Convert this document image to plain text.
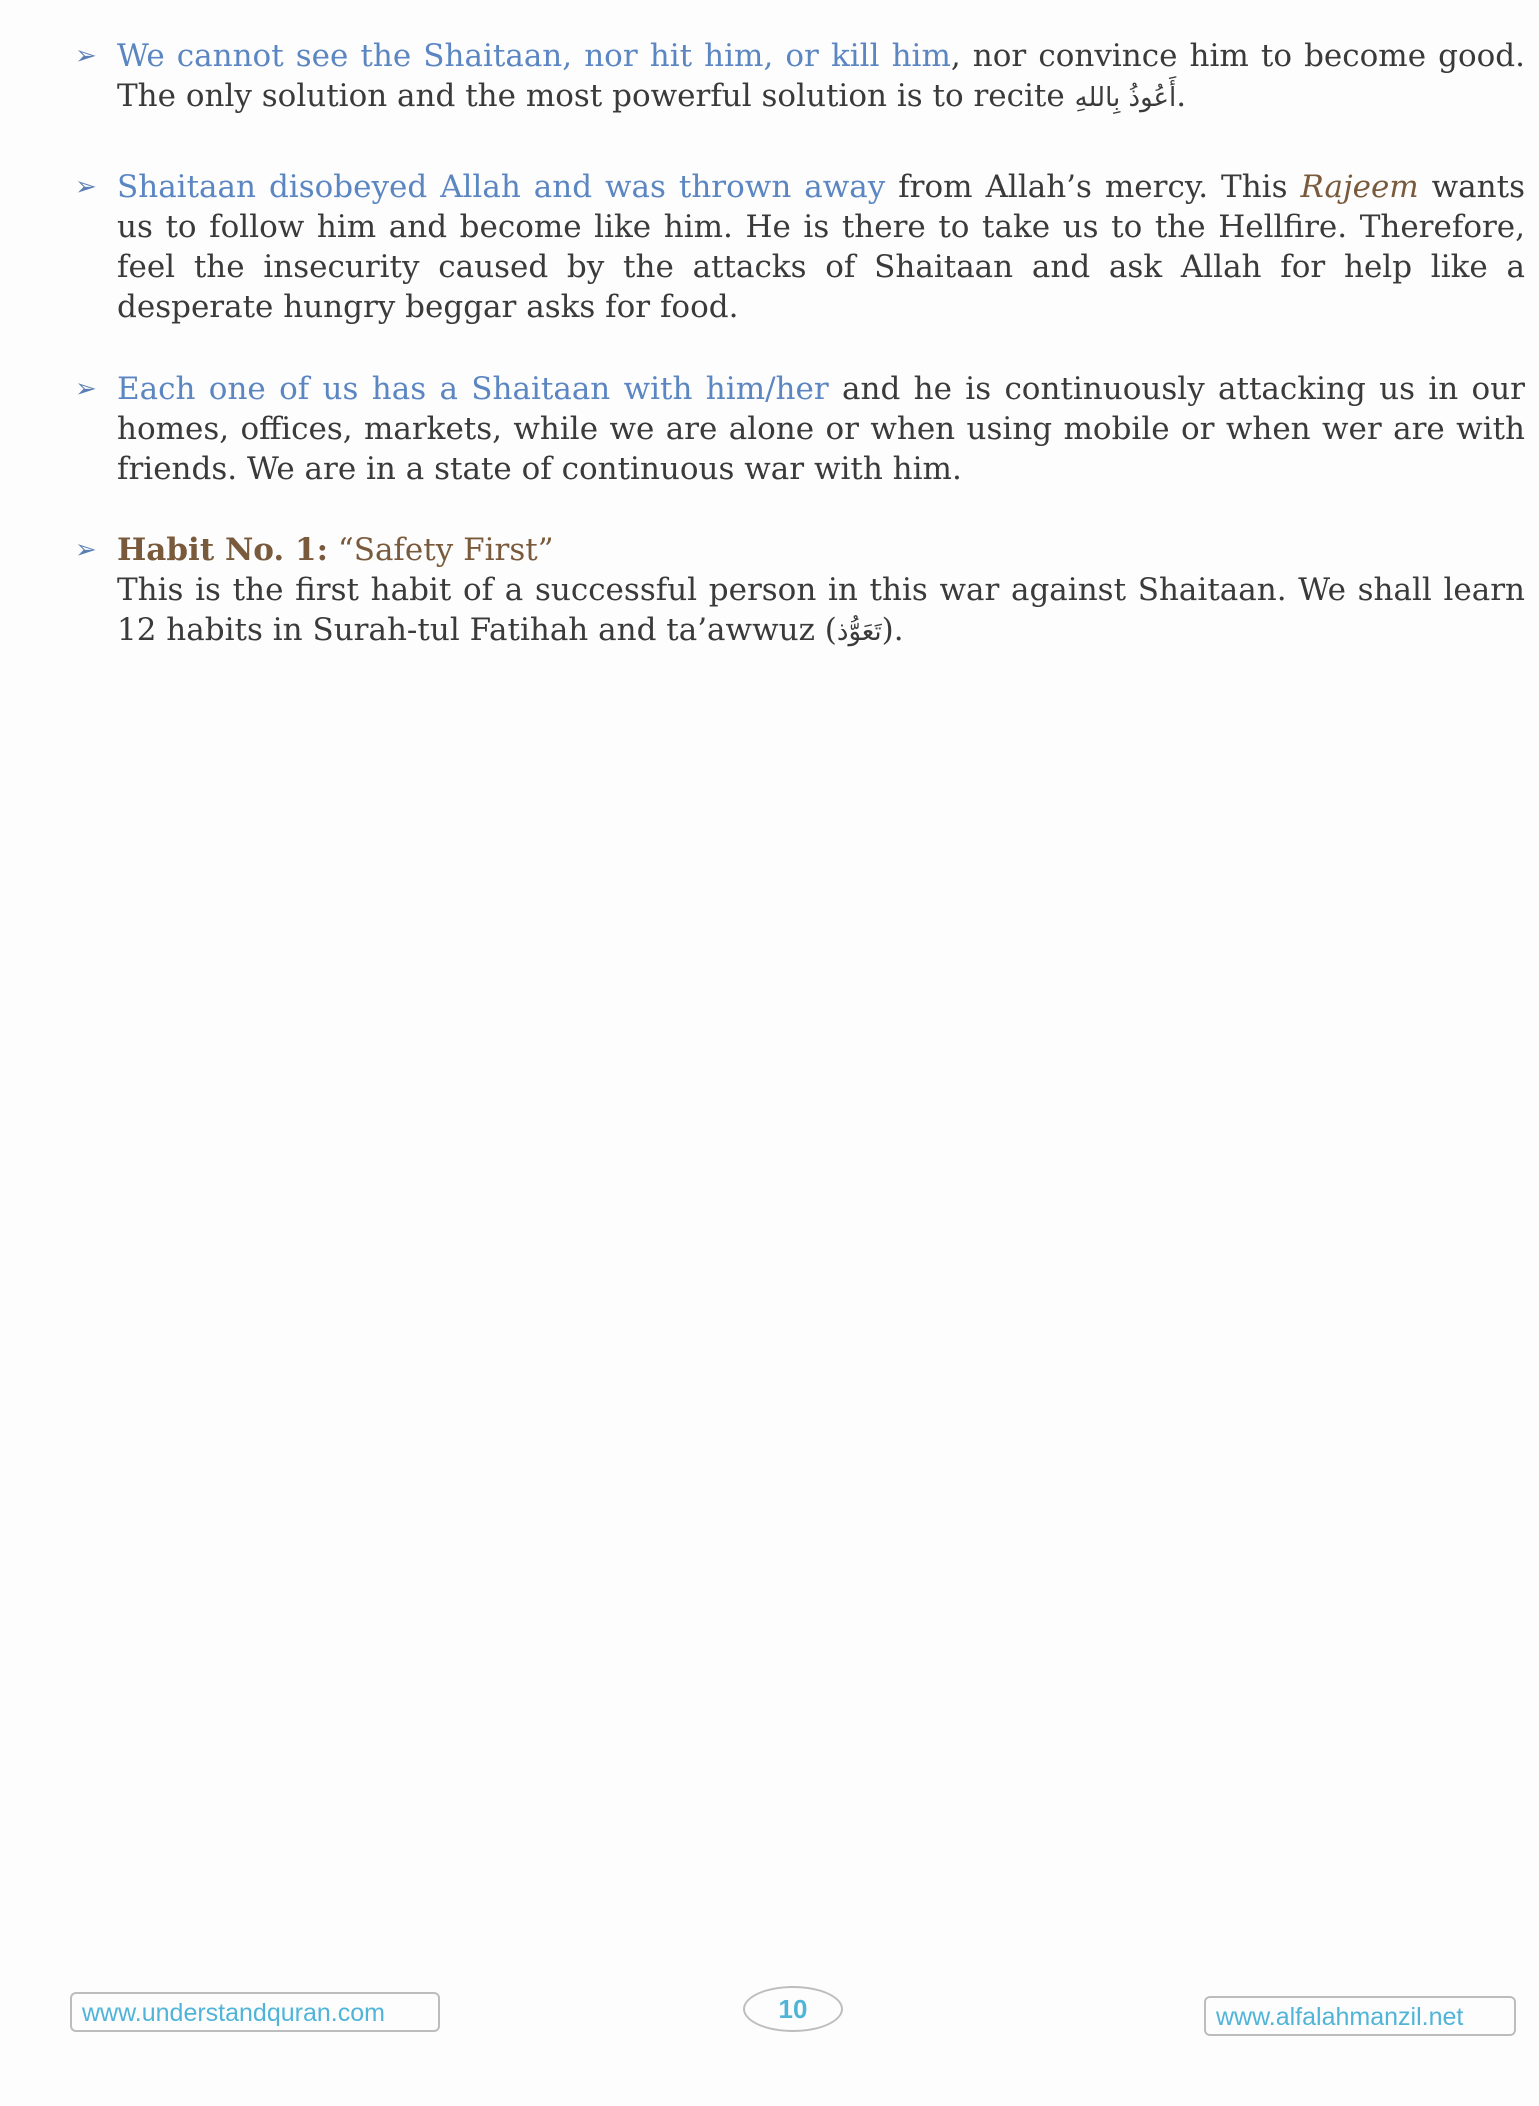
➢ We cannot see the Shaitaan, nor hit him, or kill him, nor convince him to become good. The only solution and the most powerful solution is to recite أَعُوذُ بِاللهِ.
➢ Shaitaan disobeyed Allah and was thrown away from Allah’s mercy. This Rajeem wants us to follow him and become like him. He is there to take us to the Hellfire. Therefore, feel the insecurity caused by the attacks of Shaitaan and ask Allah for help like a desperate hungry beggar asks for food.
➢ Each one of us has a Shaitaan with him/her and he is continuously attacking us in our homes, offices, markets, while we are alone or when using mobile or when wer are with friends. We are in a state of continuous war with him.
➢ Habit No. 1: “Safety First”
This is the first habit of a successful person in this war against Shaitaan. We shall learn 12 habits in Surah-tul Fatihah and ta’awwuz (تَعَوُّذ).
www.understandquran.com	10	www.alfalahmanzil.net
